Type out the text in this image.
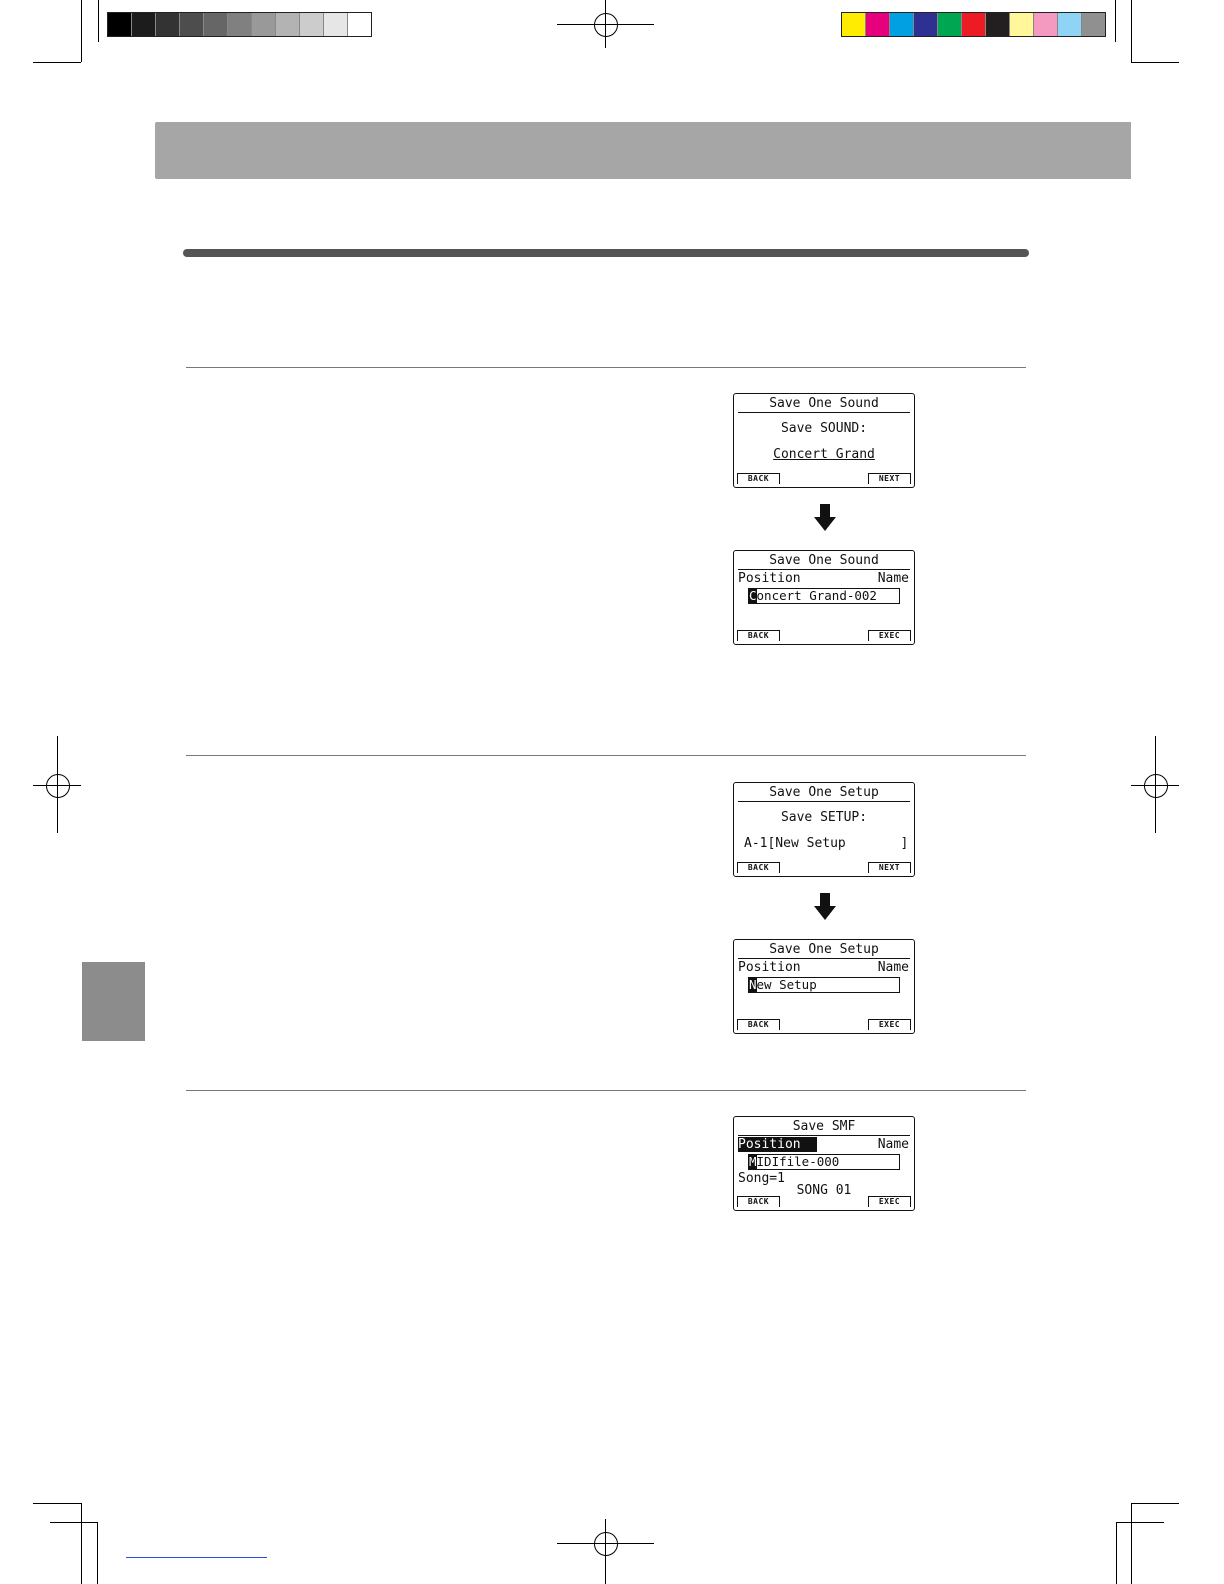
Save One Sound
Save SOUND:
Concert Grand
BACK	NEXT
Save One Sound
Position	Name
Concert Grand-002
BACK	EXEC
Save One Setup
Save SETUP:
A-1[New Setup       ]
BACK	NEXT
Save One Setup
Position	Name
New Setup
BACK	EXEC
Save SMF
Position	Name
MIDIfile-000
Song=1
SONG 01
BACK	EXEC
